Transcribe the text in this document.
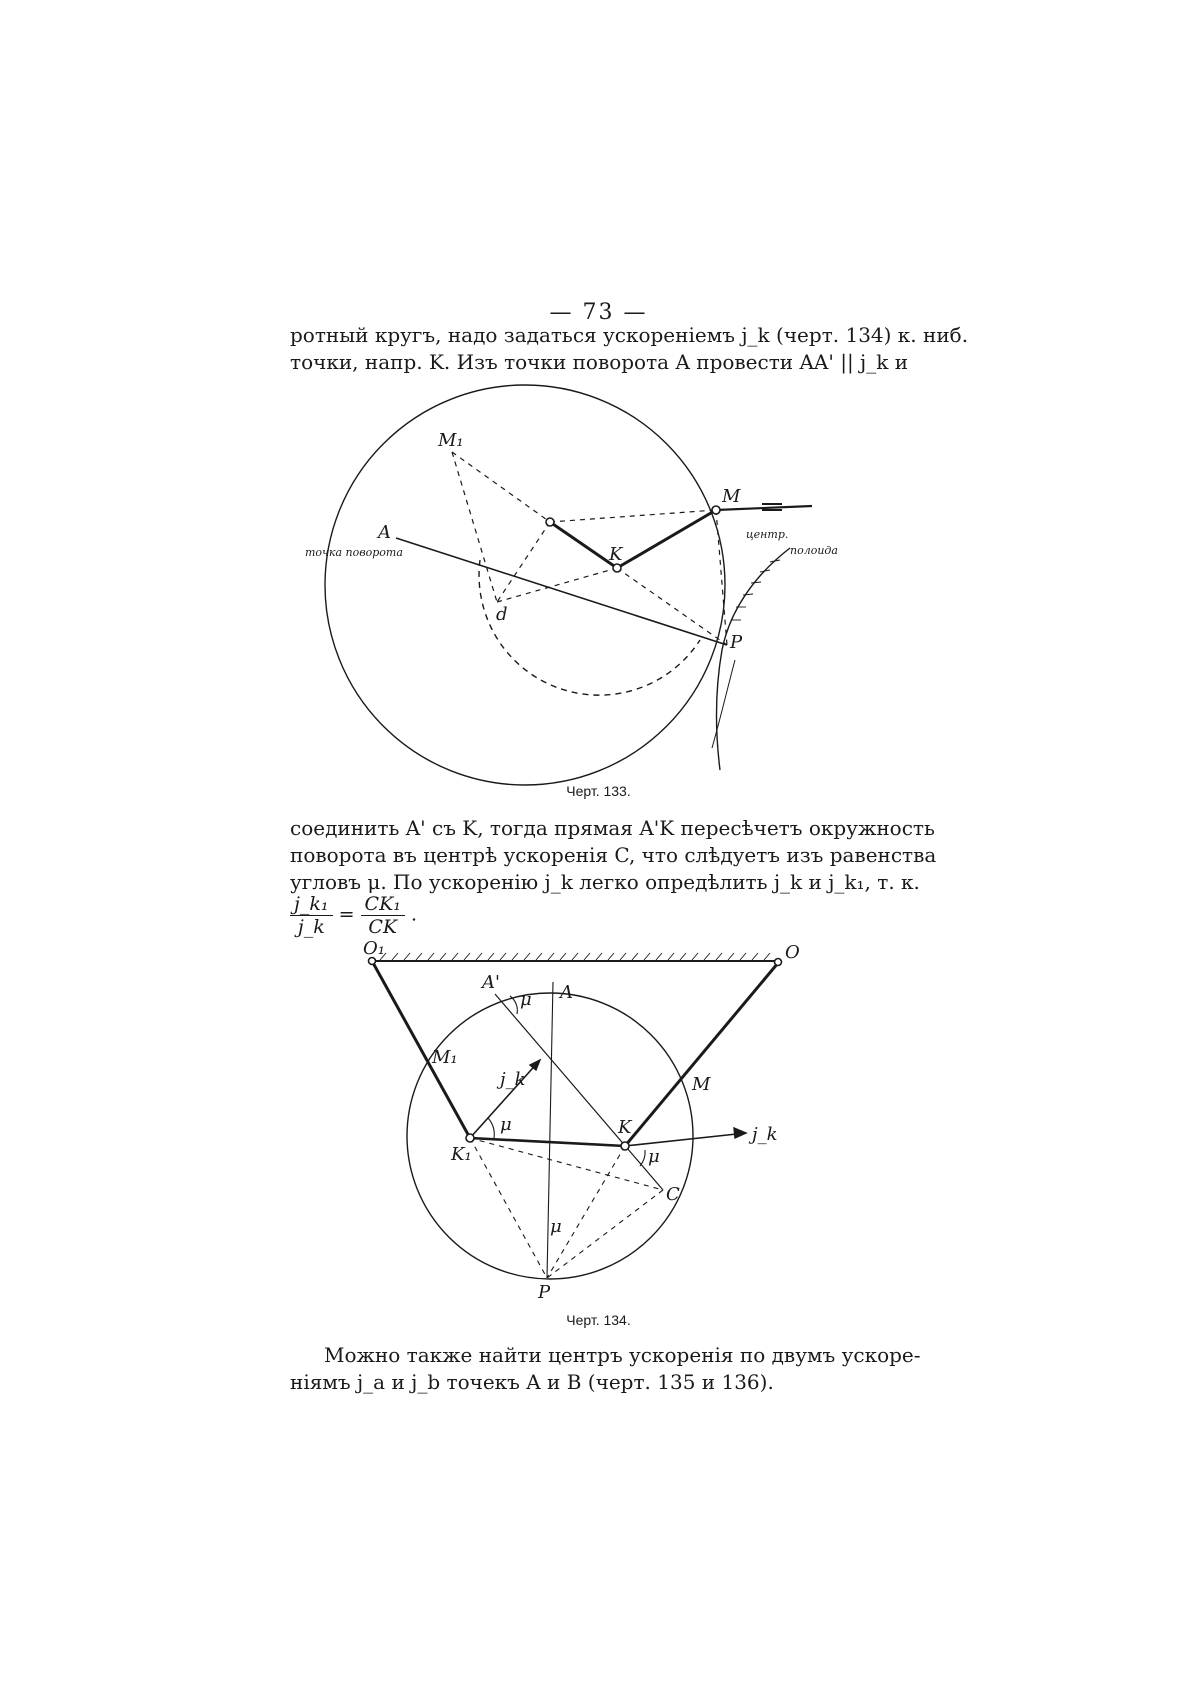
— 73 —

ротный кругъ, надо задаться ускоренiемъ j_k (черт. 134) к. ниб.
точки, напр. K. Изъ точки поворота A провести AA' || j_k и

M₁
M
A
K
d
P
точка поворота
центр.
полоида
O₁	O
A'	A
μ
M₁
M
j_k
μ	K
K₁	μ
C
μ
P
j_k
Черт. 133.

соединить A' съ K, тогда прямая A'K пересѣчетъ окружность
поворота въ центрѣ ускоренiя C, что слѣдуетъ изъ равенства
угловъ μ. По ускоренiю j_k легко опредѣлить j_k и j_k₁, т. к.

$\frac{\text{j\_k₁}}{j\_k} = \frac{\text{CK₁}}{CK}$ .
Черт. 134.

Можно также найти центръ ускоренiя по двумъ ускоре-
нiямъ j_a и j_b точекъ A и B (черт. 135 и 136).
